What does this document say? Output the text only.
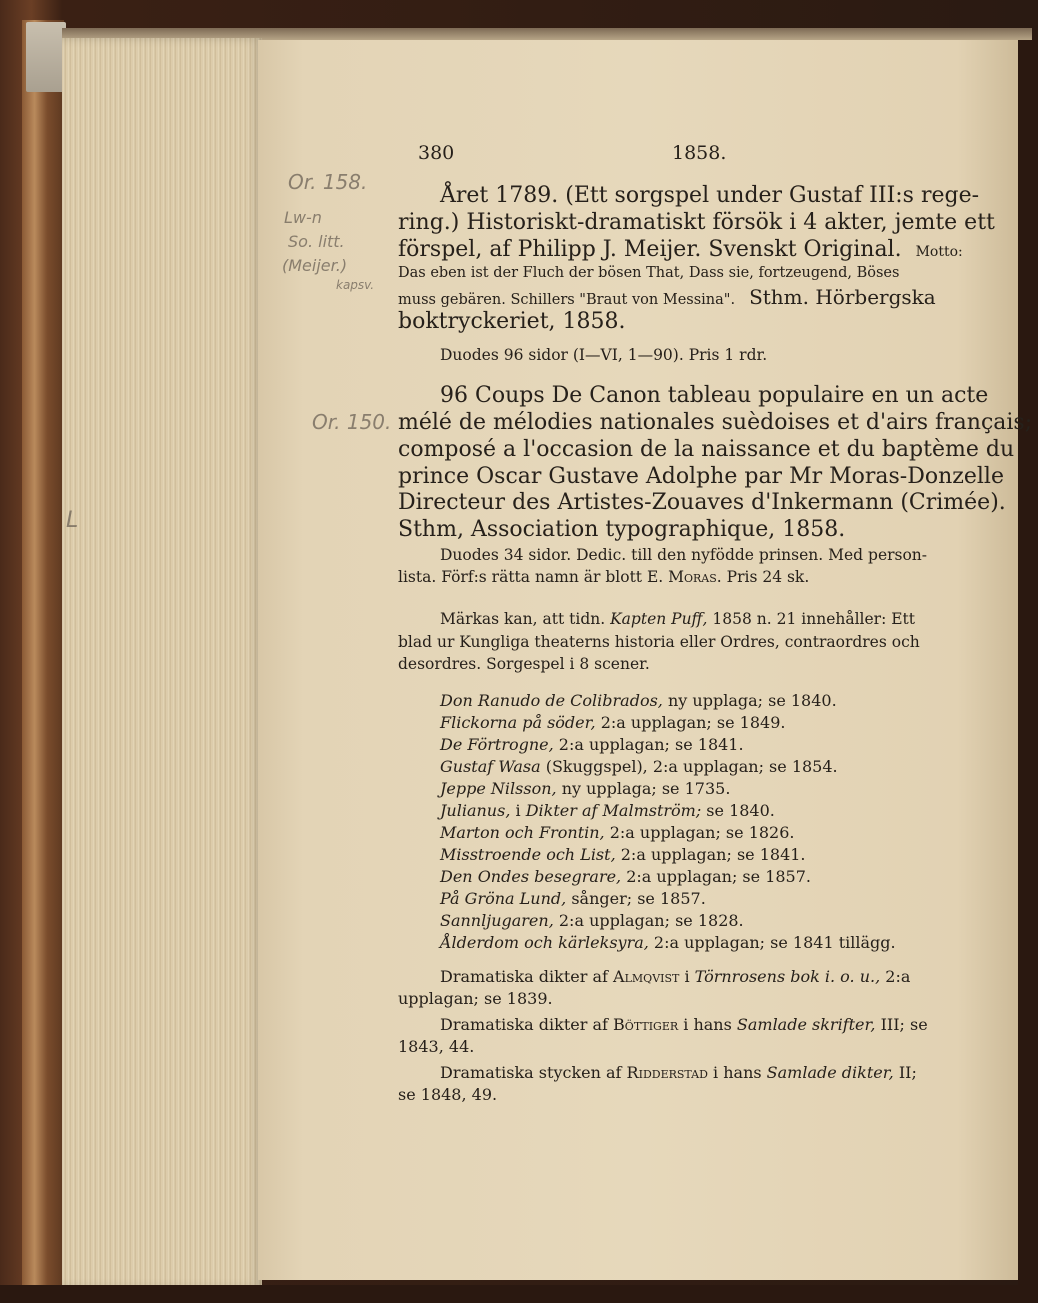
380	1858.
Or. 158.
Lw-n
So. litt.
(Meijer.)
kapsv.
Or. 150.
L
Året 1789. (Ett sorgspel under Gustaf III:s rege-
ring.) Historiskt-dramatiskt försök i 4 akter, jemte ett
förspel, af Philipp J. Meijer. Svenskt Original. Motto:
Das eben ist der Fluch der bösen That, Dass sie, fortzeugend, Böses
muss gebären. Schillers "Braut von Messina". Sthm. Hörbergska
boktryckeriet, 1858.
Duodes 96 sidor (I—VI, 1—90). Pris 1 rdr.
96 Coups De Canon tableau populaire en un acte
mélé de mélodies nationales suèdoises et d'airs français;
composé a l'occasion de la naissance et du baptème du
prince Oscar Gustave Adolphe par Mr Moras-Donzelle
Directeur des Artistes-Zouaves d'Inkermann (Crimée).
Sthm, Association typographique, 1858.
Duodes 34 sidor. Dedic. till den nyfödde prinsen. Med person-
lista. Förf:s rätta namn är blott E. Moras. Pris 24 sk.
Märkas kan, att tidn. Kapten Puff, 1858 n. 21 innehåller: Ett
blad ur Kungliga theaterns historia eller Ordres, contraordres och
desordres. Sorgespel i 8 scener.
Don Ranudo de Colibrados, ny upplaga; se 1840.
Flickorna på söder, 2:a upplagan; se 1849.
De Förtrogne, 2:a upplagan; se 1841.
Gustaf Wasa (Skuggspel), 2:a upplagan; se 1854.
Jeppe Nilsson, ny upplaga; se 1735.
Julianus, i Dikter af Malmström; se 1840.
Marton och Frontin, 2:a upplagan; se 1826.
Misstroende och List, 2:a upplagan; se 1841.
Den Ondes besegrare, 2:a upplagan; se 1857.
På Gröna Lund, sånger; se 1857.
Sannljugaren, 2:a upplagan; se 1828.
Ålderdom och kärleksyra, 2:a upplagan; se 1841 tillägg.
Dramatiska dikter af Almqvist i Törnrosens bok i. o. u., 2:a
upplagan; se 1839.
Dramatiska dikter af Böttiger i hans Samlade skrifter, III; se
1843, 44.
Dramatiska stycken af Ridderstad i hans Samlade dikter, II;
se 1848, 49.
